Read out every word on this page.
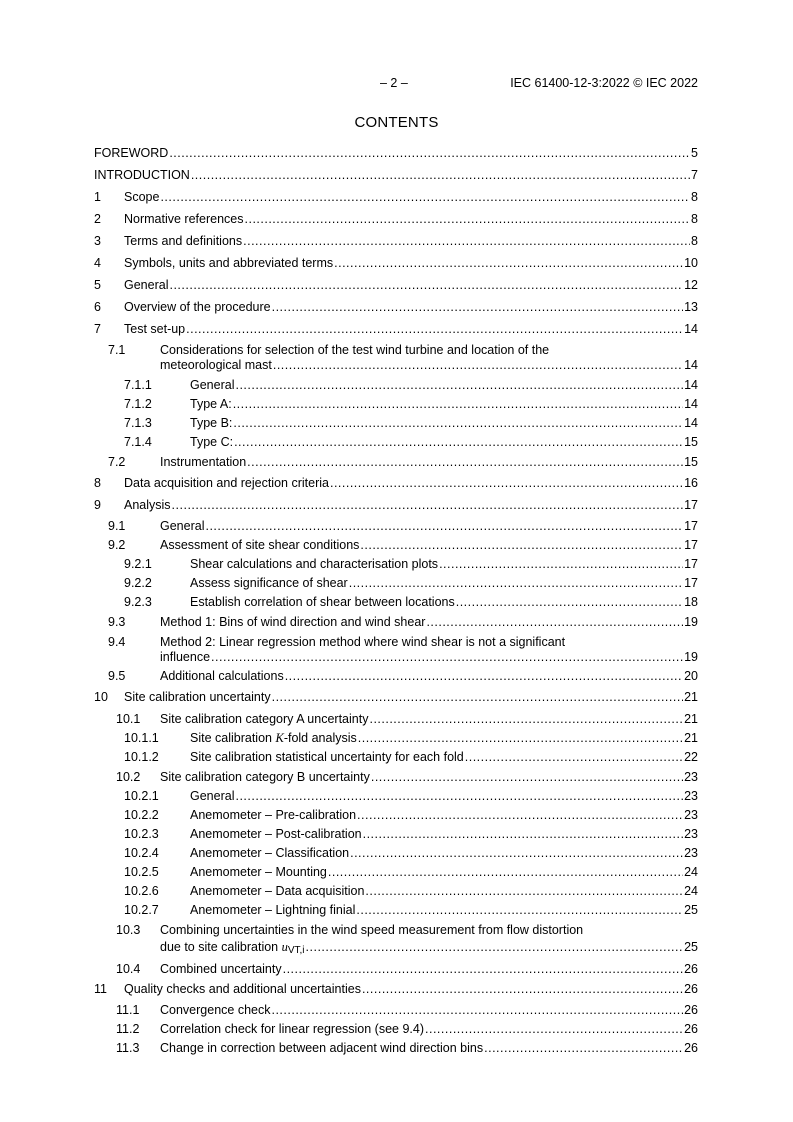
– 2 –	IEC 61400-12-3:2022 © IEC 2022
CONTENTS
FOREWORD .....	5
INTRODUCTION .....	7
1 Scope .....	8
2 Normative references .....	8
3 Terms and definitions .....	8
4 Symbols, units and abbreviated terms .....	10
5 General .....	12
6 Overview of the procedure .....	13
7 Test set-up .....	14
7.1	Considerations for selection of the test wind turbine and location of the
meteorological mast .....	14
7.1.1	General .....	14
7.1.2	Type A: .....	14
7.1.3	Type B: .....	14
7.1.4	Type C: .....	15
7.2	Instrumentation .....	15
8 Data acquisition and rejection criteria .....	16
9 Analysis .....	17
9.1	General .....	17
9.2	Assessment of site shear conditions .....	17
9.2.1	Shear calculations and characterisation plots .....	17
9.2.2	Assess significance of shear .....	17
9.2.3	Establish correlation of shear between locations .....	18
9.3	Method 1: Bins of wind direction and wind shear .....	19
9.4	Method 2: Linear regression method where wind shear is not a significant
influence .....	19
9.5	Additional calculations .....	20
10 Site calibration uncertainty .....	21
10.1 Site calibration category A uncertainty .....	21
10.1.1 Site calibration K-fold analysis .....	21
10.1.2 Site calibration statistical uncertainty for each fold .....	22
10.2 Site calibration category B uncertainty .....	23
10.2.1 General .....	23
10.2.2 Anemometer – Pre-calibration .....	23
10.2.3 Anemometer – Post-calibration .....	23
10.2.4 Anemometer – Classification .....	23
10.2.5 Anemometer – Mounting .....	24
10.2.6 Anemometer – Data acquisition .....	24
10.2.7 Anemometer – Lightning finial .....	25
10.3 Combining uncertainties in the wind speed measurement from flow distortion
due to site calibration $u_{VT,i}$ .....	25
10.4 Combined uncertainty .....	26
11 Quality checks and additional uncertainties .....	26
11.1 Convergence check .....	26
11.2 Correlation check for linear regression (see 9.4) .....	26
11.3 Change in correction between adjacent wind direction bins .....	26
